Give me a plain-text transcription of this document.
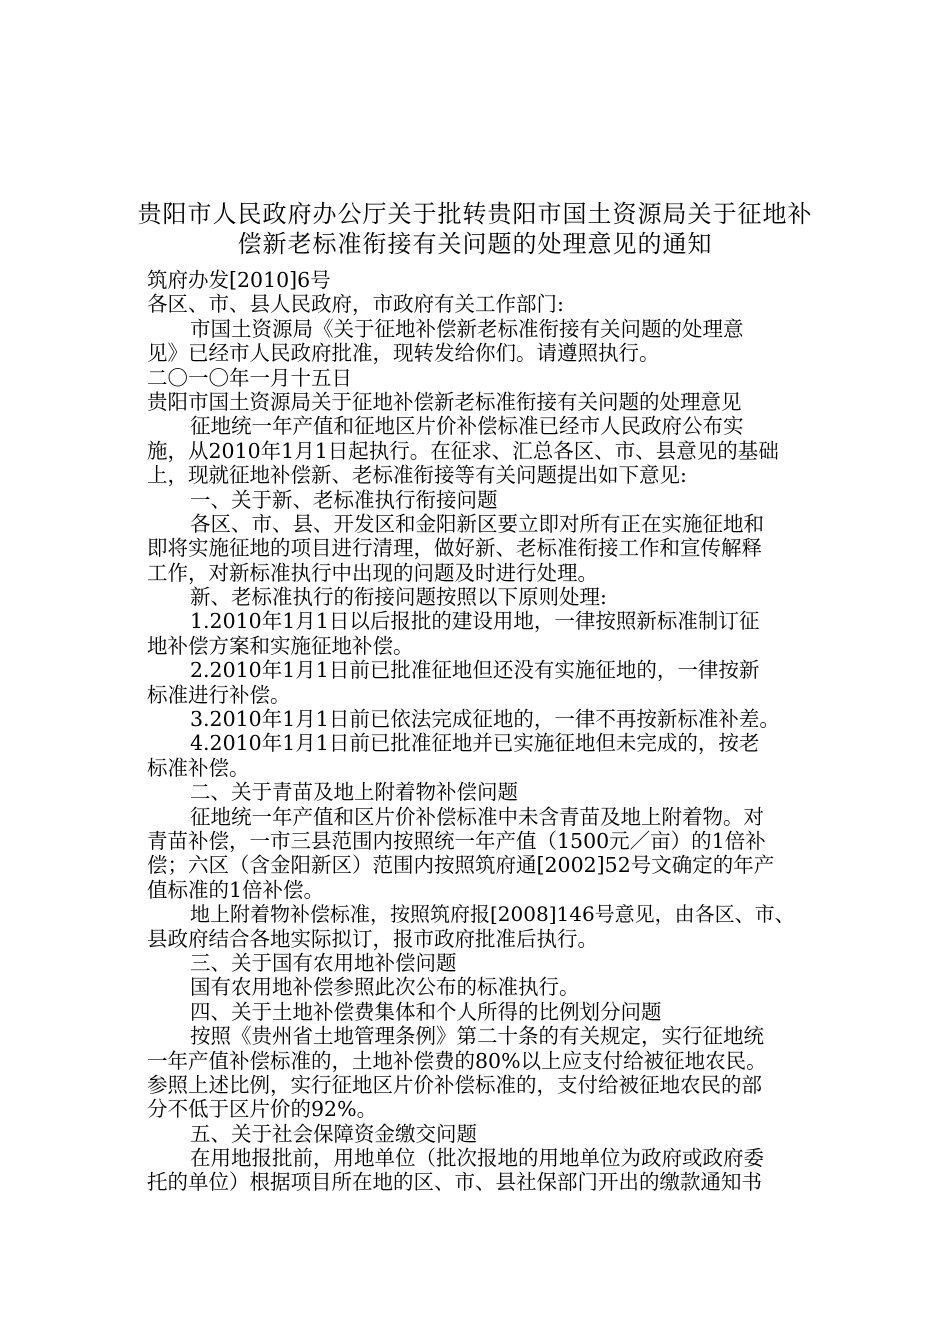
贵阳市人民政府办公厅关于批转贵阳市国土资源局关于征地补
偿新老标准衔接有关问题的处理意见的通知
筑府办发[2010]6号
各区、市、县人民政府，市政府有关工作部门:
市国土资源局《关于征地补偿新老标准衔接有关问题的处理意
见》已经市人民政府批准，现转发给你们。请遵照执行。
二〇一〇年一月十五日
贵阳市国土资源局关于征地补偿新老标准衔接有关问题的处理意见
征地统一年产值和征地区片价补偿标准已经市人民政府公布实
施，从2010年1月1日起执行。在征求、汇总各区、市、县意见的基础
上，现就征地补偿新、老标准衔接等有关问题提出如下意见:
一、关于新、老标准执行衔接问题
各区、市、县、开发区和金阳新区要立即对所有正在实施征地和
即将实施征地的项目进行清理，做好新、老标准衔接工作和宣传解释
工作，对新标准执行中出现的问题及时进行处理。
新、老标准执行的衔接问题按照以下原则处理:
1.2010年1月1日以后报批的建设用地，一律按照新标准制订征
地补偿方案和实施征地补偿。
2.2010年1月1日前已批准征地但还没有实施征地的，一律按新
标准进行补偿。
3.2010年1月1日前已依法完成征地的，一律不再按新标准补差。
4.2010年1月1日前已批准征地并已实施征地但未完成的，按老
标准补偿。
二、关于青苗及地上附着物补偿问题
征地统一年产值和区片价补偿标准中未含青苗及地上附着物。对
青苗补偿，一市三县范围内按照统一年产值（1500元／亩）的1倍补
偿；六区（含金阳新区）范围内按照筑府通[2002]52号文确定的年产
值标准的1倍补偿。
地上附着物补偿标准，按照筑府报[2008]146号意见，由各区、市、
县政府结合各地实际拟订，报市政府批准后执行。
三、关于国有农用地补偿问题
国有农用地补偿参照此次公布的标准执行。
四、关于土地补偿费集体和个人所得的比例划分问题
按照《贵州省土地管理条例》第二十条的有关规定，实行征地统
一年产值补偿标准的，土地补偿费的80%以上应支付给被征地农民。
参照上述比例，实行征地区片价补偿标准的，支付给被征地农民的部
分不低于区片价的92%。
五、关于社会保障资金缴交问题
在用地报批前，用地单位（批次报地的用地单位为政府或政府委
托的单位）根据项目所在地的区、市、县社保部门开出的缴款通知书
